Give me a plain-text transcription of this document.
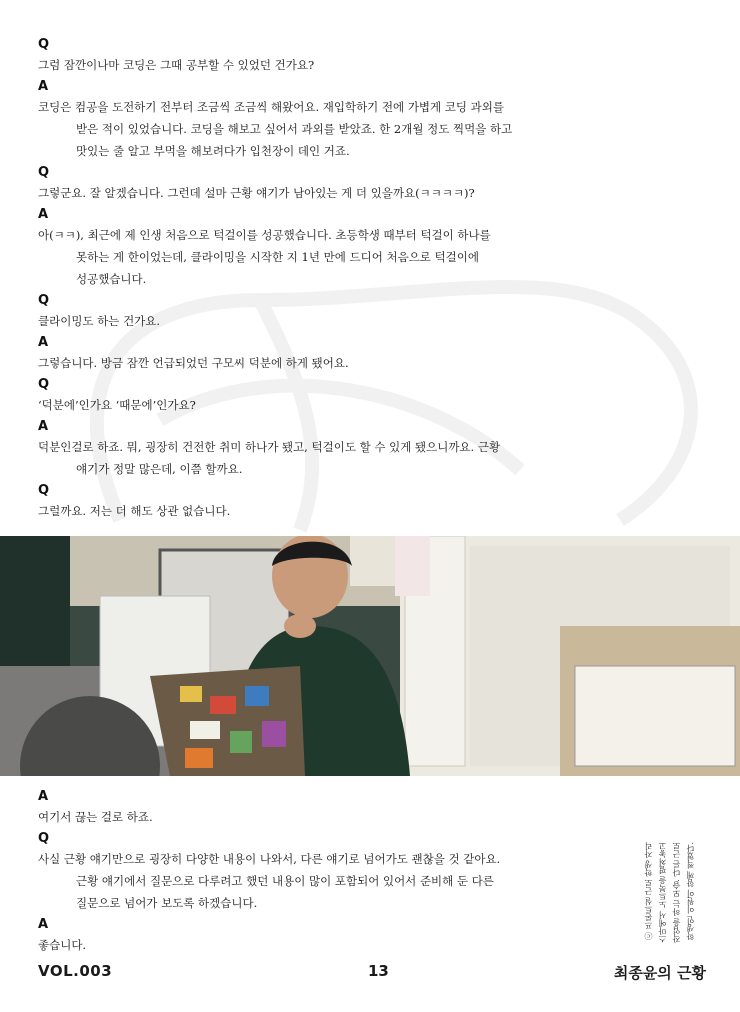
Q
그럼 잠깐이나마 코딩은 그때 공부할 수 있었던 건가요?
A
코딩은 컴공을 도전하기 전부터 조금씩 조금씩 해왔어요. 재입학하기 전에 가볍게 코딩 과외를
받은 적이 있었습니다. 코딩을 해보고 싶어서 과외를 받았죠. 한 2개월 정도 찍먹을 하고
맛있는 줄 알고 부먹을 해보려다가 입천장이 데인 거죠.
Q
그렇군요. 잘 알겠습니다. 그런데 설마 근황 얘기가 남아있는 게 더 있을까요(ㅋㅋㅋㅋ)?
A
아(ㅋㅋ), 최근에 제 인생 처음으로 턱걸이를 성공했습니다. 초등학생 때부터 턱걸이 하나를
못하는 게 한이었는데, 클라이밍을 시작한 지 1년 만에 드디어 처음으로 턱걸이에
성공했습니다.
Q
클라이밍도 하는 건가요.
A
그렇습니다. 방금 잠깐 언급되었던 구모씨 덕분에 하게 됐어요.
Q
‘덕분에’인가요 ‘때문에’인가요?
A
덕분인걸로 하죠. 뭐, 굉장히 건전한 취미 하나가 됐고, 턱걸이도 할 수 있게 됐으니까요. 근황
얘기가 정말 많은데, 이쯤 할까요.
Q
그럴까요. 저는 더 해도 상관 없습니다.
A
여기서 끊는 걸로 하죠.
Q
사실 근황 얘기만으로 굉장히 다양한 내용이 나와서, 다른 얘기로 넘어가도 괜찮을 것 같아요.
근황 얘기에서 질문으로 다루려고 했던 내용이 많이 포함되어 있어서 준비해 둔 다른
질문으로 넘어가 보도록 하겠습니다.
A
좋습니다.
ⓒ 프론트실 근로 학생 자리 스마에서 노트북을 펼쳐놓고 작업을 하는 모습. 다른 근로 학생인 이원이 함께 찍혔다.
VOL.003	13	최종윤의 근황
